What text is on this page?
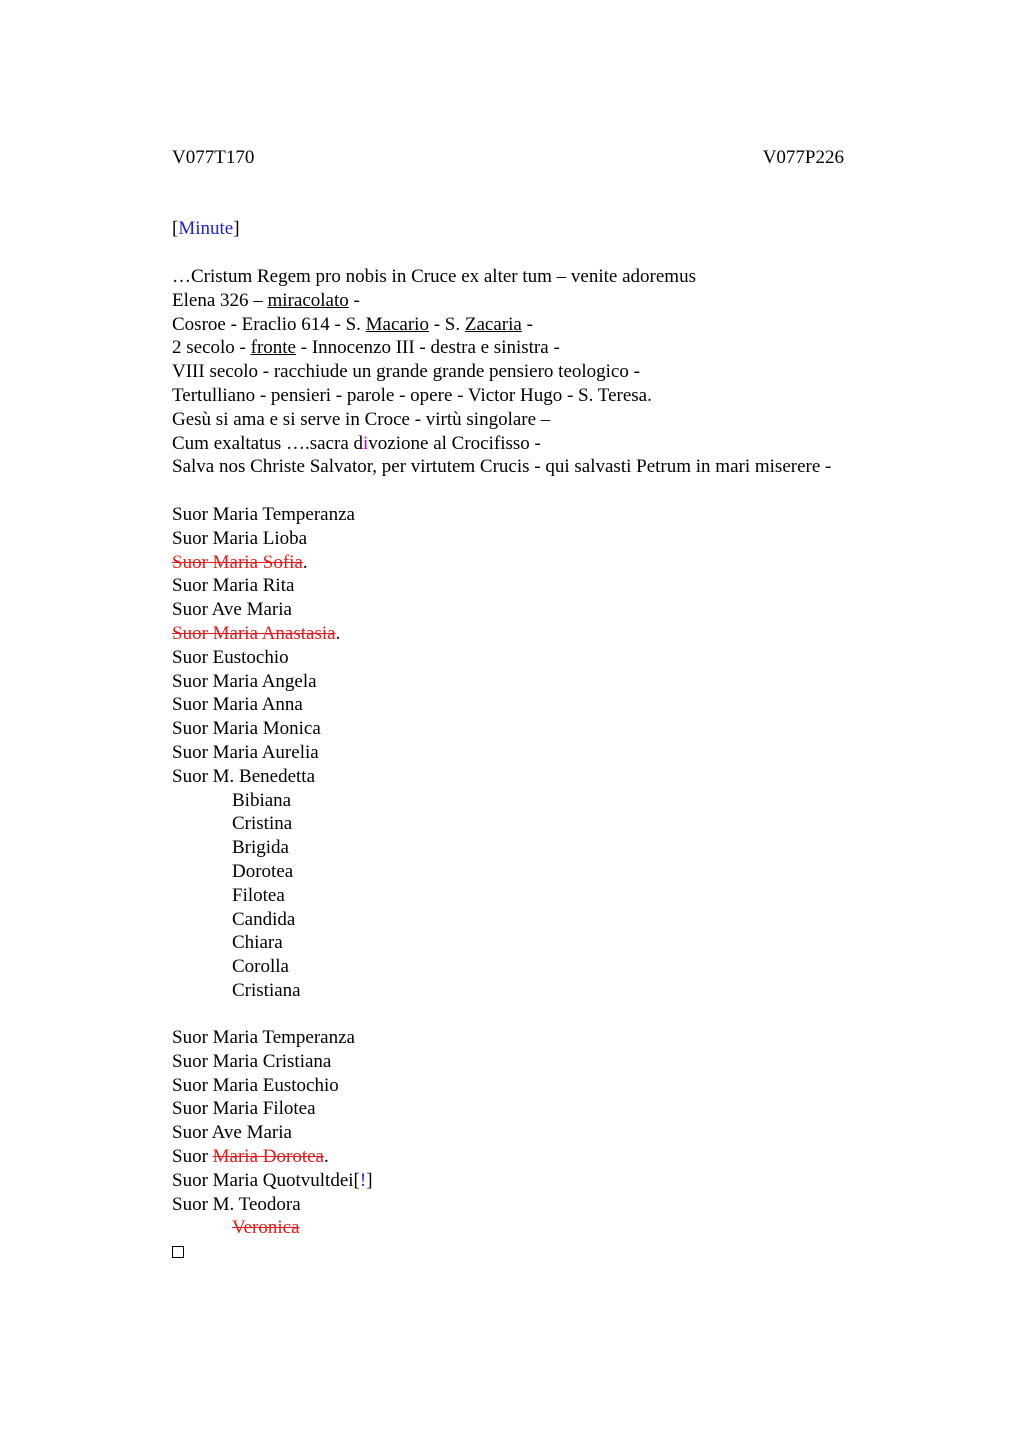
V077T170	V077P226
[Minute]
…Cristum Regem pro nobis in Cruce ex alter tum – venite adoremus
Elena 326 – miracolato -
Cosroe - Eraclio 614 - S. Macario - S. Zacaria -
2 secolo - fronte - Innocenzo III - destra e sinistra -
VIII secolo - racchiude un grande grande pensiero teologico -
Tertulliano - pensieri - parole - opere - Victor Hugo - S. Teresa.
Gesù si ama e si serve in Croce - virtù singolare –
Cum exaltatus ….sacra divozione al Crocifisso -
Salva nos Christe Salvator, per virtutem Crucis - qui salvasti Petrum in mari miserere -
Suor Maria Temperanza
Suor Maria Lioba
Suor Maria Sofia.
Suor Maria Rita
Suor Ave Maria
Suor Maria Anastasia.
Suor Eustochio
Suor Maria Angela
Suor Maria Anna
Suor Maria Monica
Suor Maria Aurelia
Suor M. Benedetta
Bibiana
Cristina
Brigida
Dorotea
Filotea
Candida
Chiara
Corolla
Cristiana
Suor Maria Temperanza
Suor Maria Cristiana
Suor Maria Eustochio
Suor Maria Filotea
Suor Ave Maria
Suor Maria Dorotea.
Suor Maria Quotvultdei[!]
Suor M. Teodora
Veronica
